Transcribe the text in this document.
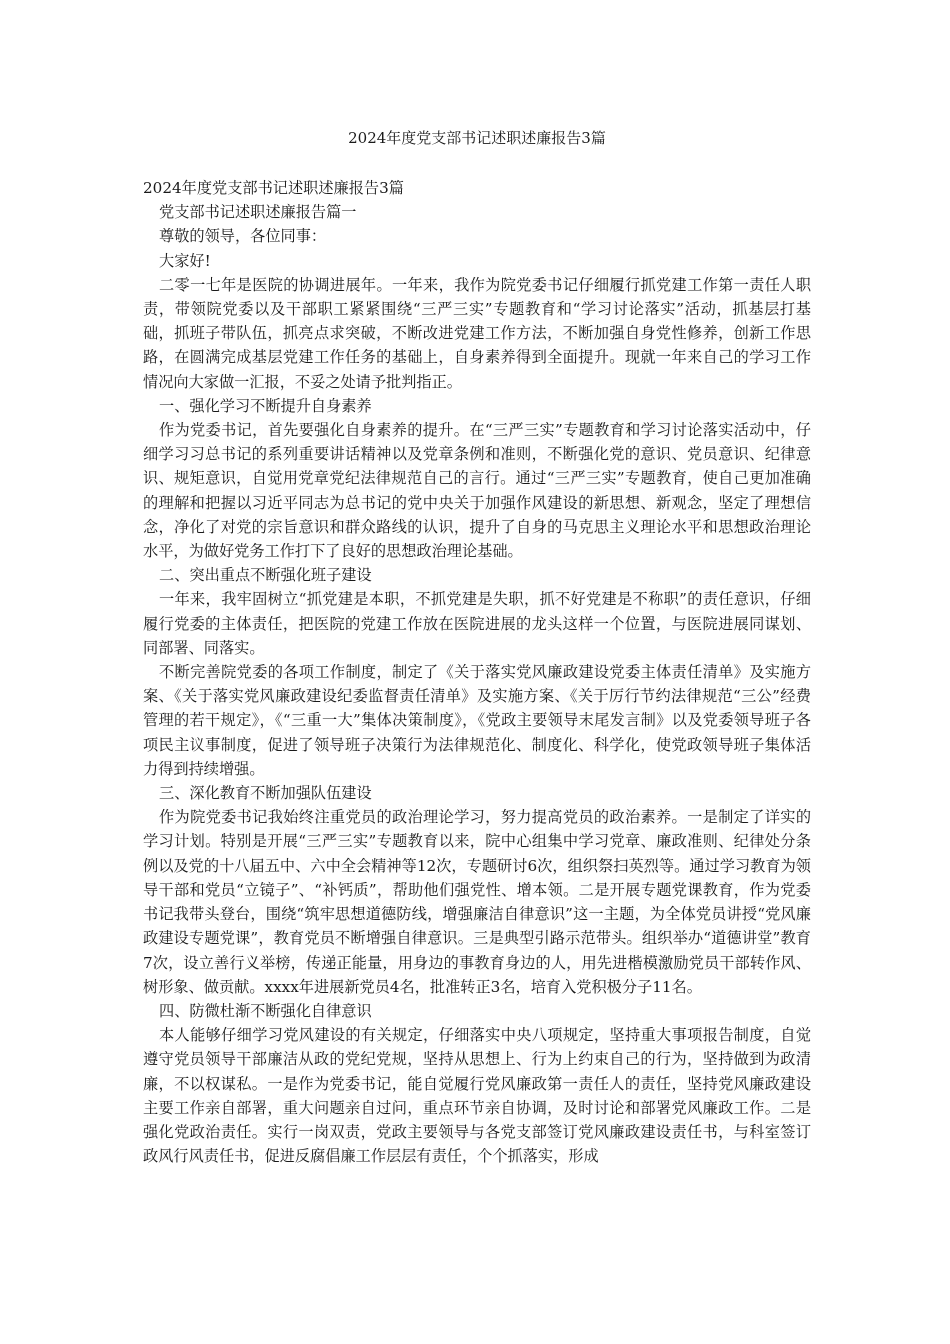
2024年度党支部书记述职述廉报告3篇

2024年度党支部书记述职述廉报告3篇

党支部书记述职述廉报告篇一

尊敬的领导，各位同事：

大家好!

二零一七年是医院的协调进展年。一年来，我作为院党委书记仔细履行抓党建工作第一责任人职责，带领院党委以及干部职工紧紧围绕“三严三实”专题教育和“学习讨论落实”活动，抓基层打基础，抓班子带队伍，抓亮点求突破，不断改进党建工作方法，不断加强自身党性修养，创新工作思路，在圆满完成基层党建工作任务的基础上，自身素养得到全面提升。现就一年来自己的学习工作情况向大家做一汇报，不妥之处请予批判指正。

一、强化学习不断提升自身素养

作为党委书记，首先要强化自身素养的提升。在“三严三实”专题教育和学习讨论落实活动中，仔细学习习总书记的系列重要讲话精神以及党章条例和准则，不断强化党的意识、党员意识、纪律意识、规矩意识，自觉用党章党纪法律规范自己的言行。通过“三严三实”专题教育，使自己更加准确的理解和把握以习近平同志为总书记的党中央关于加强作风建设的新思想、新观念，坚定了理想信念，净化了对党的宗旨意识和群众路线的认识，提升了自身的马克思主义理论水平和思想政治理论水平，为做好党务工作打下了良好的思想政治理论基础。

二、突出重点不断强化班子建设

一年来，我牢固树立“抓党建是本职，不抓党建是失职，抓不好党建是不称职”的责任意识，仔细履行党委的主体责任，把医院的党建工作放在医院进展的龙头这样一个位置，与医院进展同谋划、同部署、同落实。

不断完善院党委的各项工作制度，制定了《关于落实党风廉政建设党委主体责任清单》及实施方案、《关于落实党风廉政建设纪委监督责任清单》及实施方案、《关于厉行节约法律规范“三公”经费管理的若干规定》，《“三重一大”集体决策制度》，《党政主要领导末尾发言制》以及党委领导班子各项民主议事制度，促进了领导班子决策行为法律规范化、制度化、科学化，使党政领导班子集体活力得到持续增强。

三、深化教育不断加强队伍建设

作为院党委书记我始终注重党员的政治理论学习，努力提高党员的政治素养。一是制定了详实的学习计划。特别是开展“三严三实”专题教育以来，院中心组集中学习党章、廉政准则、纪律处分条例以及党的十八届五中、六中全会精神等12次，专题研讨6次，组织祭扫英烈等。通过学习教育为领导干部和党员“立镜子”、“补钙质”，帮助他们强党性、增本领。二是开展专题党课教育，作为党委书记我带头登台，围绕“筑牢思想道德防线，增强廉洁自律意识”这一主题，为全体党员讲授“党风廉政建设专题党课”，教育党员不断增强自律意识。三是典型引路示范带头。组织举办“道德讲堂”教育7次，设立善行义举榜，传递正能量，用身边的事教育身边的人，用先进楷模激励党员干部转作风、树形象、做贡献。xxxx年进展新党员4名，批准转正3名，培育入党积极分子11名。

四、防微杜渐不断强化自律意识

本人能够仔细学习党风建设的有关规定，仔细落实中央八项规定，坚持重大事项报告制度，自觉遵守党员领导干部廉洁从政的党纪党规，坚持从思想上、行为上约束自己的行为，坚持做到为政清廉，不以权谋私。一是作为党委书记，能自觉履行党风廉政第一责任人的责任，坚持党风廉政建设主要工作亲自部署，重大问题亲自过问，重点环节亲自协调，及时讨论和部署党风廉政工作。二是强化党政治责任。实行一岗双责，党政主要领导与各党支部签订党风廉政建设责任书，与科室签订政风行风责任书，促进反腐倡廉工作层层有责任，个个抓落实，形成
